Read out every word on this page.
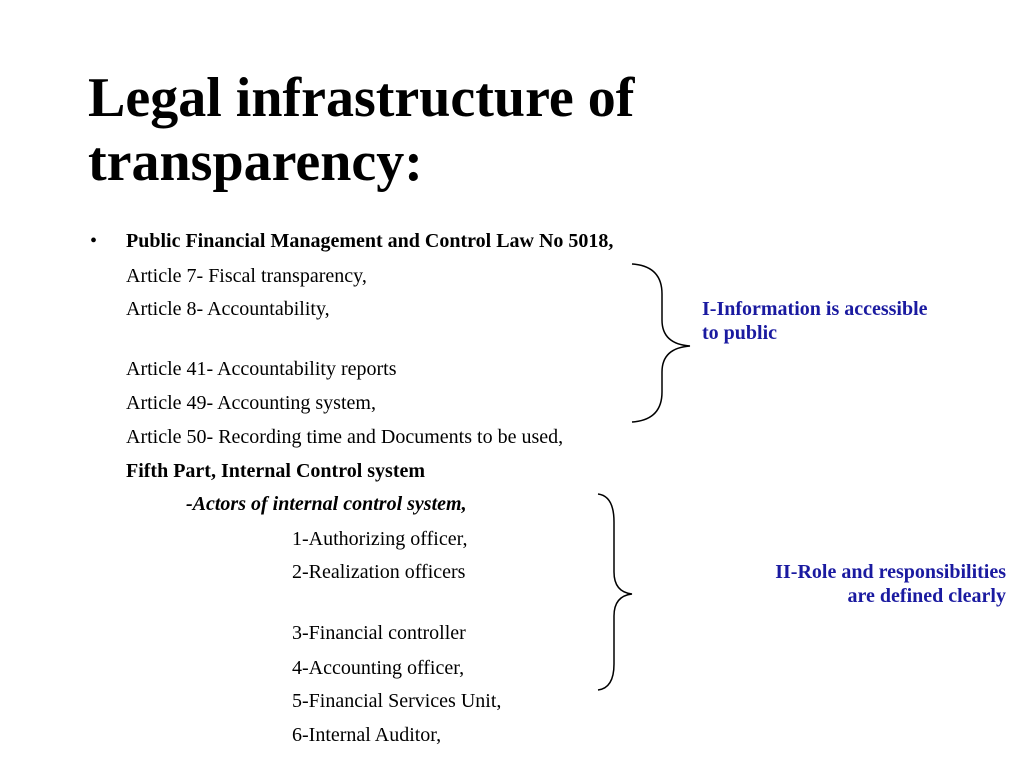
Legal infrastructure of
transparency:
• Public Financial Management and Control Law No 5018,
Article 7- Fiscal transparency,
Article 8- Accountability,
Article 41- Accountability reports
Article 49- Accounting system,
Article 50- Recording time and Documents to be used,
Fifth Part, Internal Control system
-Actors of internal control system,
1-Authorizing officer,
2-Realization officers
3-Financial controller
4-Accounting officer,
5-Financial Services Unit,
6-Internal Auditor,
I-Information is accessible
to public
II-Role and responsibilities
are defined clearly
